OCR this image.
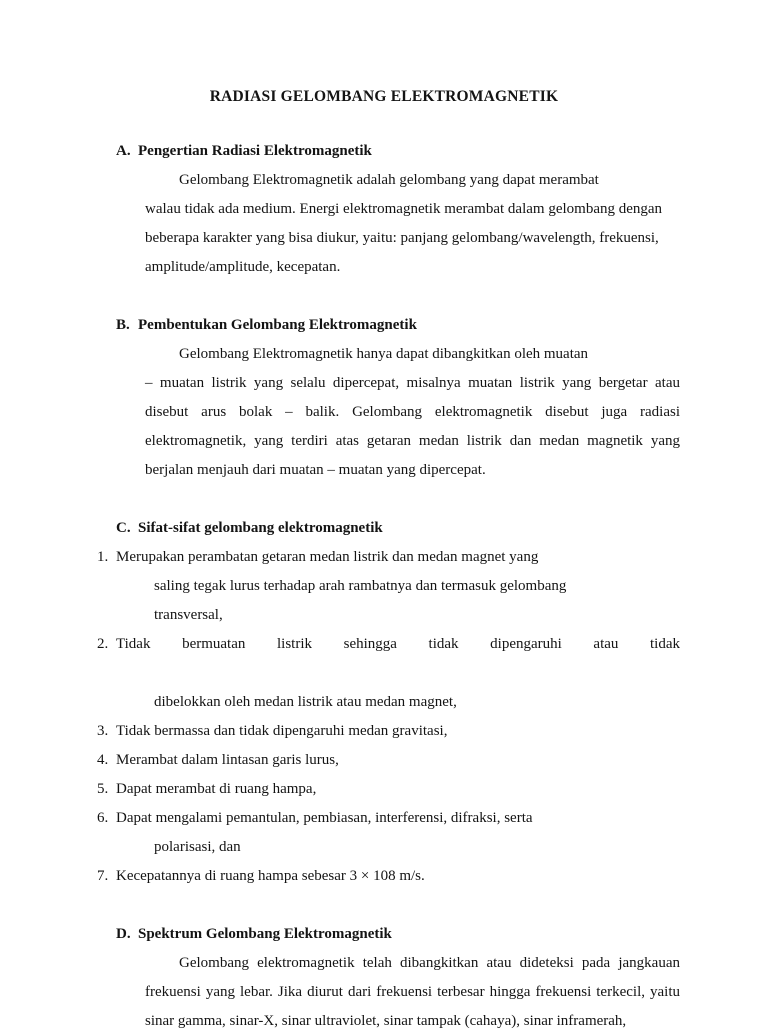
RADIASI GELOMBANG ELEKTROMAGNETIK

A. Pengertian Radiasi Elektromagnetik

Gelombang Elektromagnetik adalah gelombang yang dapat merambat

walau tidak ada medium. Energi elektromagnetik merambat dalam gelombang dengan beberapa karakter yang bisa diukur, yaitu: panjang gelombang/wavelength, frekuensi, amplitude/amplitude, kecepatan.

B. Pembentukan Gelombang Elektromagnetik

Gelombang Elektromagnetik hanya dapat dibangkitkan oleh muatan

– muatan listrik yang selalu dipercepat, misalnya muatan listrik yang bergetar atau disebut arus bolak – balik. Gelombang elektromagnetik disebut juga radiasi elektromagnetik, yang terdiri atas getaran medan listrik dan medan magnetik yang berjalan menjauh dari muatan – muatan yang dipercepat.

C. Sifat-sifat gelombang elektromagnetik

1.Merupakan perambatan getaran medan listrik dan medan magnet yang
saling tegak lurus terhadap arah rambatnya dan termasuk gelombang
transversal,
2. Tidak bermuatan listrik sehingga tidak dipengaruhi atau tidak
dibelokkan oleh medan listrik atau medan magnet,
3.Tidak bermassa dan tidak dipengaruhi medan gravitasi,
4.Merambat dalam lintasan garis lurus,
5.Dapat merambat di ruang hampa,
6.Dapat mengalami pemantulan, pembiasan, interferensi, difraksi, serta
polarisasi, dan
7.Kecepatannya di ruang hampa sebesar 3 × 108 m/s.

D. Spektrum Gelombang Elektromagnetik

Gelombang elektromagnetik telah dibangkitkan atau dideteksi pada jangkauan frekuensi yang lebar. Jika diurut dari frekuensi terbesar hingga frekuensi terkecil, yaitu sinar gamma, sinar-X, sinar ultraviolet, sinar tampak (cahaya), sinar inframerah,
